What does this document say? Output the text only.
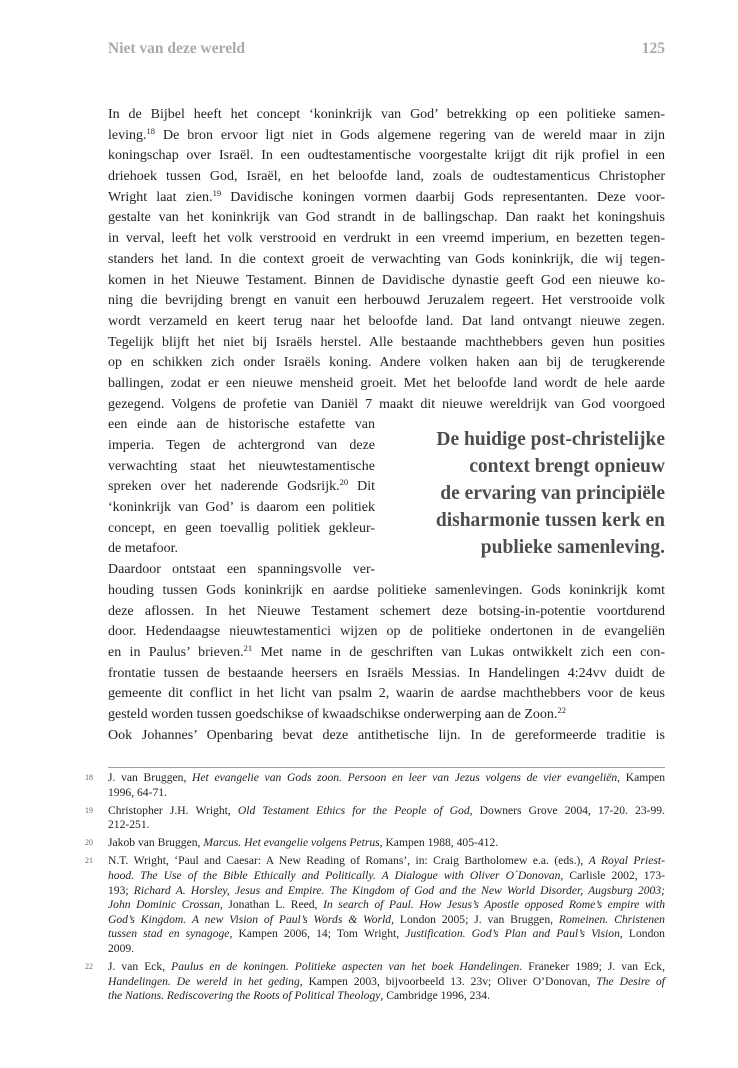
Niet van deze wereld	125
In de Bijbel heeft het concept ‘koninkrijk van God’ betrekking op een politieke samen-
leving.$^{18}$ De bron ervoor ligt niet in Gods algemene regering van de wereld maar in zijn
koningschap over Israël. In een oudtestamentische voorgestalte krijgt dit rijk profiel in een
driehoek tussen God, Israël, en het beloofde land, zoals de oudtestamenticus Christopher
Wright laat zien.$^{19}$ Davidische koningen vormen daarbij Gods representanten. Deze voor-
gestalte van het koninkrijk van God strandt in de ballingschap. Dan raakt het koningshuis
in verval, leeft het volk verstrooid en verdrukt in een vreemd imperium, en bezetten tegen-
standers het land. In die context groeit de verwachting van Gods koninkrijk, die wij tegen-
komen in het Nieuwe Testament. Binnen de Davidische dynastie geeft God een nieuwe ko-
ning die bevrijding brengt en vanuit een herbouwd Jeruzalem regeert. Het verstrooide volk
wordt verzameld en keert terug naar het beloofde land. Dat land ontvangt nieuwe zegen.
Tegelijk blijft het niet bij Israëls herstel. Alle bestaande machthebbers geven hun posities
op en schikken zich onder Israëls koning. Andere volken haken aan bij de terugkerende
ballingen, zodat er een nieuwe mensheid groeit. Met het beloofde land wordt de hele aarde
gezegend. Volgens de profetie van Daniël 7 maakt dit nieuwe wereldrijk van God voorgoed
een einde aan de historische estafette van
imperia. Tegen de achtergrond van deze
verwachting staat het nieuwtestamentische
spreken over het naderende Godsrijk.$^{20}$ Dit
‘koninkrijk van God’ is daarom een politiek
concept, en geen toevallig politiek gekleur-
de metafoor.
Daardoor ontstaat een spanningsvolle ver-
houding tussen Gods koninkrijk en aardse politieke samenlevingen. Gods koninkrijk komt
deze aflossen. In het Nieuwe Testament schemert deze botsing-in-potentie voortdurend
door. Hedendaagse nieuwtestamentici wijzen op de politieke ondertonen in de evangeliën
en in Paulus’ brieven.$^{21}$ Met name in de geschriften van Lukas ontwikkelt zich een con-
frontatie tussen de bestaande heersers en Israëls Messias. In Handelingen 4:24vv duidt de
gemeente dit conflict in het licht van psalm 2, waarin de aardse machthebbers voor de keus
gesteld worden tussen goedschikse of kwaadschikse onderwerping aan de Zoon.$^{22}$
Ook Johannes’ Openbaring bevat deze antithetische lijn. In de gereformeerde traditie is
De huidige post-christelijke
context brengt opnieuw
de ervaring van principiële
disharmonie tussen kerk en
publieke samenleving.
18 J. van Bruggen, Het evangelie van Gods zoon. Persoon en leer van Jezus volgens de vier evangeliën, Kampen
1996, 64-71.
19 Christopher J.H. Wright, Old Testament Ethics for the People of God, Downers Grove 2004, 17-20. 23-99.
212-251.
20 Jakob van Bruggen, Marcus. Het evangelie volgens Petrus, Kampen 1988, 405-412.
21 N.T. Wright, ‘Paul and Caesar: A New Reading of Romans’, in: Craig Bartholomew e.a. (eds.), A Royal Priest-
hood. The Use of the Bible Ethically and Politically. A Dialogue with Oliver O´Donovan, Carlisle 2002, 173-
193; Richard A. Horsley, Jesus and Empire. The Kingdom of God and the New World Disorder, Augsburg 2003;
John Dominic Crossan, Jonathan L. Reed, In search of Paul. How Jesus’s Apostle opposed Rome’s empire with
God’s Kingdom. A new Vision of Paul’s Words & World, London 2005; J. van Bruggen, Romeinen. Christenen
tussen stad en synagoge, Kampen 2006, 14; Tom Wright, Justification. God’s Plan and Paul’s Vision, London
2009.
22 J. van Eck, Paulus en de koningen. Politieke aspecten van het boek Handelingen. Franeker 1989; J. van Eck,
Handelingen. De wereld in het geding, Kampen 2003, bijvoorbeeld 13. 23v; Oliver O’Donovan, The Desire of
the Nations. Rediscovering the Roots of Political Theology, Cambridge 1996, 234.
